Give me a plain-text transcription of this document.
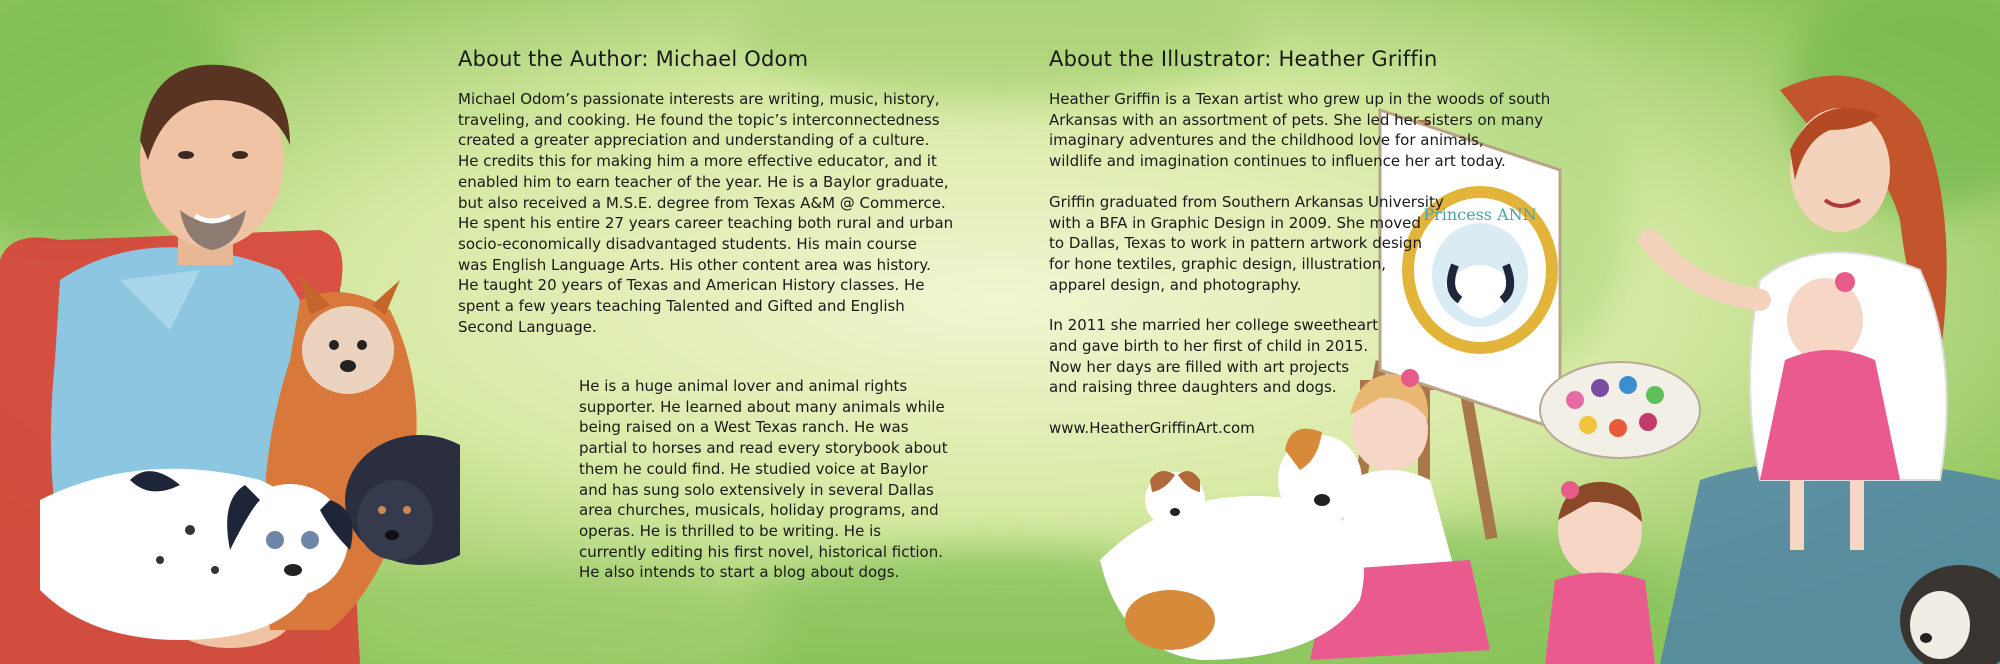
Princess ANN
About the Author: Michael Odom

Michael Odom’s passionate interests are writing, music, history,
traveling, and cooking. He found the topic’s interconnectedness
created a greater appreciation and understanding of a culture.
He credits this for making him a more effective educator, and it
enabled him to earn teacher of the year. He is a Baylor graduate,
but also received a M.S.E. degree from Texas A&M @ Commerce.
He spent his entire 27 years career teaching both rural and urban
socio-economically disadvantaged students. His main course
was English Language Arts. His other content area was history.
He taught 20 years of Texas and American History classes. He
spent a few years teaching Talented and Gifted and English
Second Language.

He is a huge animal lover and animal rights
supporter. He learned about many animals while
being raised on a West Texas ranch. He was
partial to horses and read every storybook about
them he could find. He studied voice at Baylor
and has sung solo extensively in several Dallas
area churches, musicals, holiday programs, and
operas. He is thrilled to be writing. He is
currently editing his first novel, historical fiction.
He also intends to start a blog about dogs.

About the Illustrator: Heather Griffin

Heather Griffin is a Texan artist who grew up in the woods of south
Arkansas with an assortment of pets. She led her sisters on many
imaginary adventures and the childhood love for animals,
wildlife and imagination continues to influence her art today.

Griffin graduated from Southern Arkansas University
with a BFA in Graphic Design in 2009. She moved
to Dallas, Texas to work in pattern artwork design
for hone textiles, graphic design, illustration,
apparel design, and photography.

In 2011 she married her college sweetheart
and gave birth to her first of child in 2015.
Now her days are filled with art projects
and raising three daughters and dogs.

www.HeatherGriffinArt.com
